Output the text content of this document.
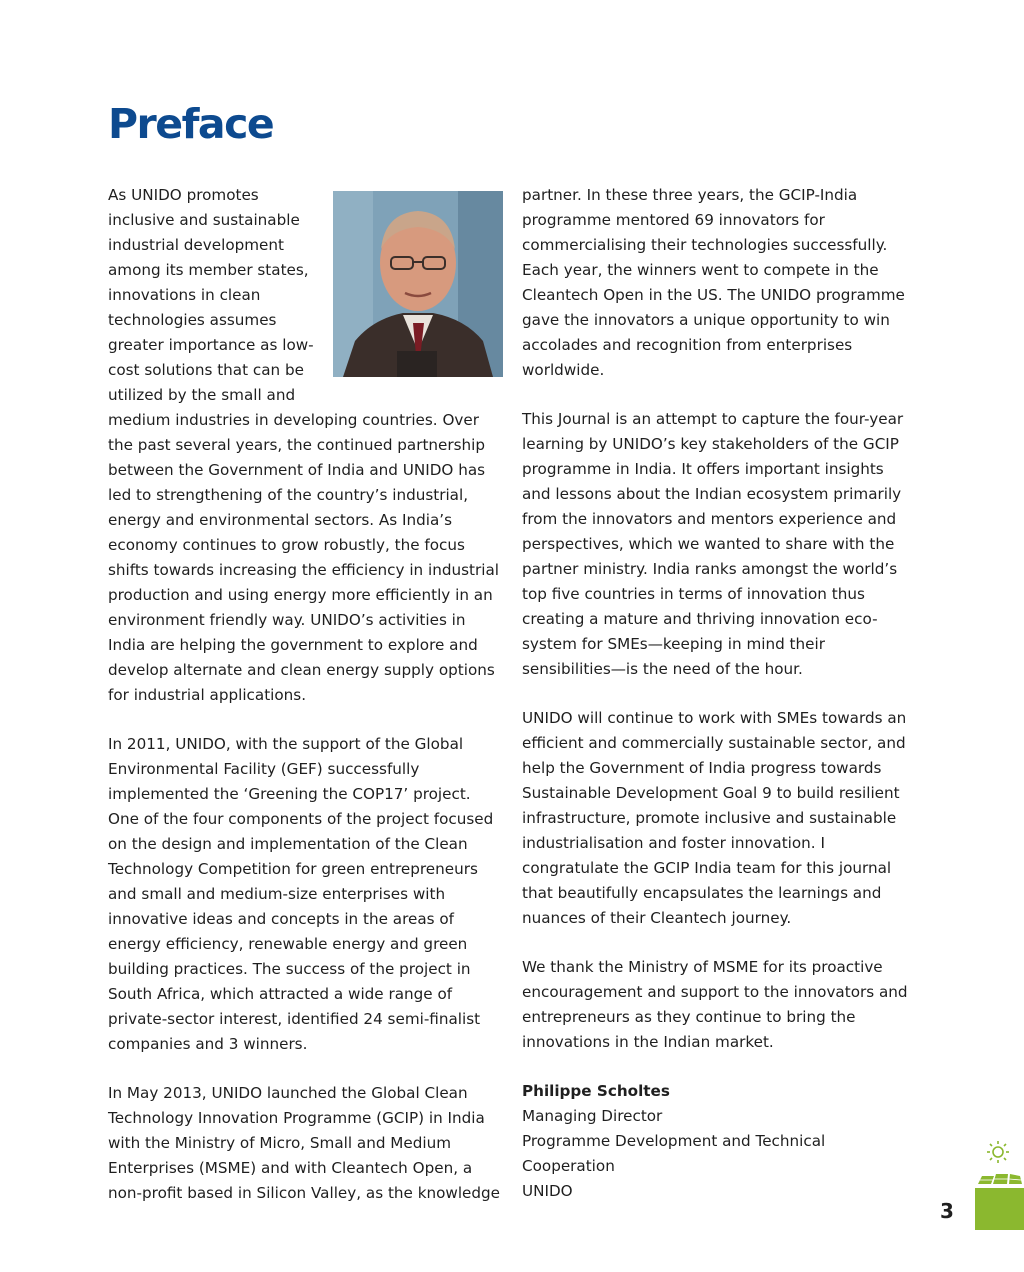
Preface

As UNIDO promotes inclusive and sustainable industrial development among its member states, innovations in clean technologies assumes greater importance as low-cost solutions that can be utilized by the small and medium industries in developing countries. Over the past several years, the continued partnership between the Government of India and UNIDO has led to strengthening of the country’s industrial, energy and environmental sectors. As India’s economy continues to grow robustly, the focus shifts towards increasing the efficiency in industrial production and using energy more efficiently in an environment friendly way. UNIDO’s activities in India are helping the government to explore and develop alternate and clean energy supply options for industrial applications.

In 2011, UNIDO, with the support of the Global Environmental Facility (GEF) successfully implemented the ‘Greening the COP17’ project. One of the four components of the project focused on the design and implementation of the Clean Technology Competition for green entrepreneurs and small and medium-size enterprises with innovative ideas and concepts in the areas of energy efficiency, renewable energy and green building practices. The success of the project in South Africa, which attracted a wide range of private-sector interest, identified 24 semi-finalist companies and 3 winners.

In May 2013, UNIDO launched the Global Clean Technology Innovation Programme (GCIP) in India with the Ministry of Micro, Small and Medium Enterprises (MSME) and with Cleantech Open, a non-profit based in Silicon Valley, as the knowledge

partner. In these three years, the GCIP-India programme mentored 69 innovators for commercialising their technologies successfully. Each year, the winners went to compete in the Cleantech Open in the US. The UNIDO programme gave the innovators a unique opportunity to win accolades and recognition from enterprises worldwide.

This Journal is an attempt to capture the four-year learning by UNIDO’s key stakeholders of the GCIP programme in India. It offers important insights and lessons about the Indian ecosystem primarily from the innovators and mentors experience and perspectives, which we wanted to share with the partner ministry. India ranks amongst the world’s top five countries in terms of innovation thus creating a mature and thriving innovation eco-system for SMEs—keeping in mind their sensibilities—is the need of the hour.

UNIDO will continue to work with SMEs towards an efficient and commercially sustainable sector, and help the Government of India progress towards Sustainable Development Goal 9 to build resilient infrastructure, promote inclusive and sustainable industrialisation and foster innovation. I congratulate the GCIP India team for this journal that beautifully encapsulates the learnings and nuances of their Cleantech journey.

We thank the Ministry of MSME for its proactive encouragement and support to the innovators and entrepreneurs as they continue to bring the innovations in the Indian market.

Philippe Scholtes

Managing Director

Programme Development and Technical Cooperation

UNIDO

3
